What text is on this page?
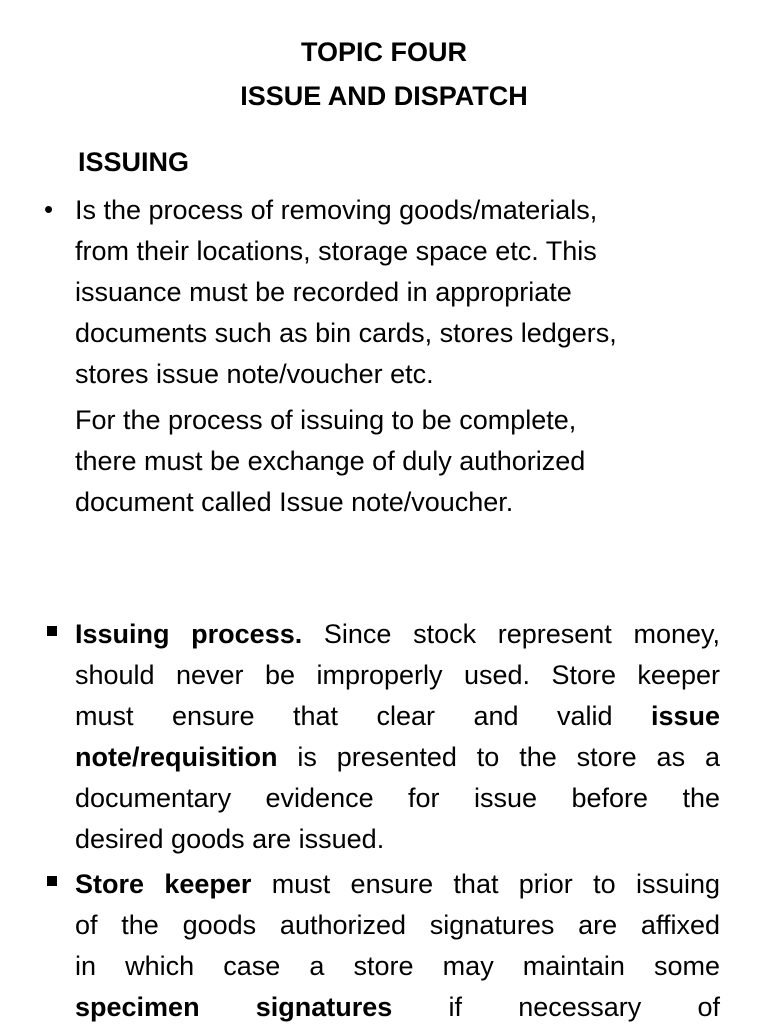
TOPIC FOUR
ISSUE AND DISPATCH
ISSUING
• Is the process of removing goods/materials,
from their locations, storage space etc. This
issuance must be recorded in appropriate
documents such as bin cards, stores ledgers,
stores issue note/voucher etc.
For the process of issuing to be complete,
there must be exchange of duly authorized
document called Issue note/voucher.
Issuing process. Since stock represent money,
should never be improperly used. Store keeper
must ensure that clear and valid issue
note/requisition is presented to the store as a
documentary evidence for issue before the
desired goods are issued.
Store keeper must ensure that prior to issuing
of the goods authorized signatures are affixed
in which case a store may maintain some
specimen signatures if necessary of
